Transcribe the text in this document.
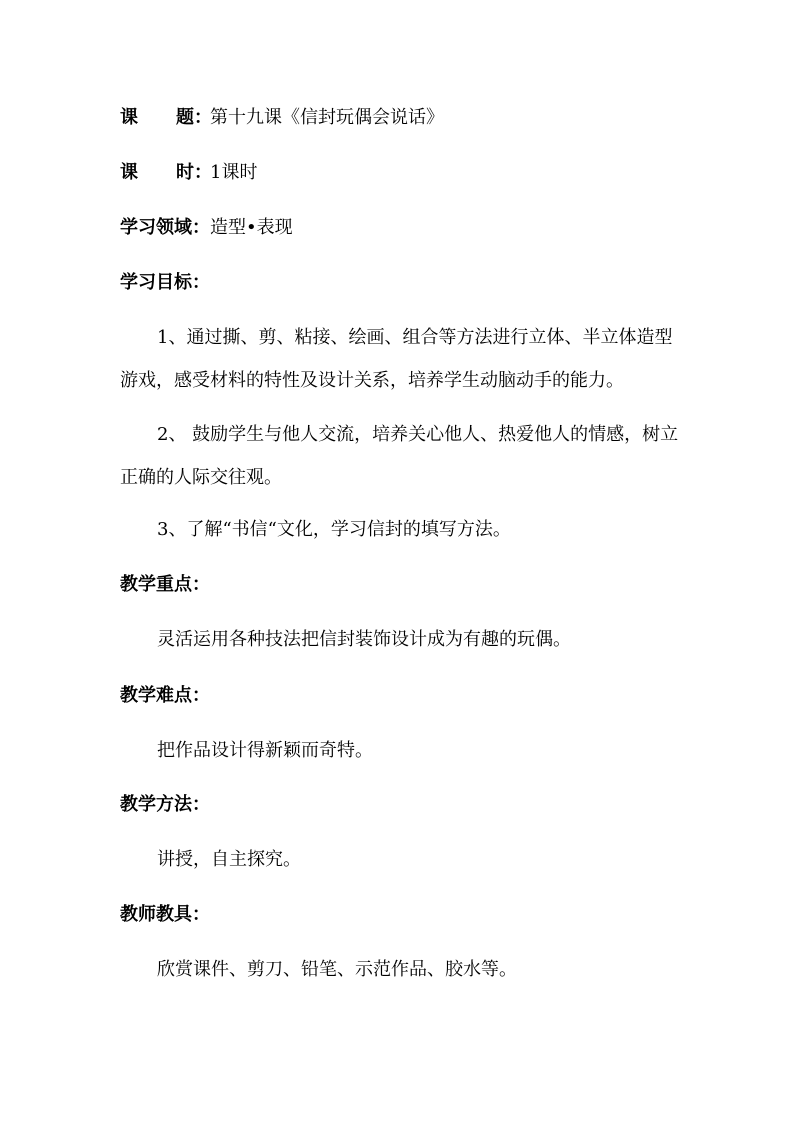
课 题：第十九课《信封玩偶会说话》
课 时：1课时
学习领域：造型•表现
学习目标：
1、通过撕、剪、粘接、绘画、组合等方法进行立体、半立体造型游戏，感受材料的特性及设计关系，培养学生动脑动手的能力。
2、 鼓励学生与他人交流，培养关心他人、热爱他人的情感，树立正确的人际交往观。
3、了解“书信“文化，学习信封的填写方法。
教学重点：
灵活运用各种技法把信封装饰设计成为有趣的玩偶。
教学难点：
把作品设计得新颖而奇特。
教学方法：
讲授，自主探究。
教师教具：
欣赏课件、剪刀、铅笔、示范作品、胶水等。
